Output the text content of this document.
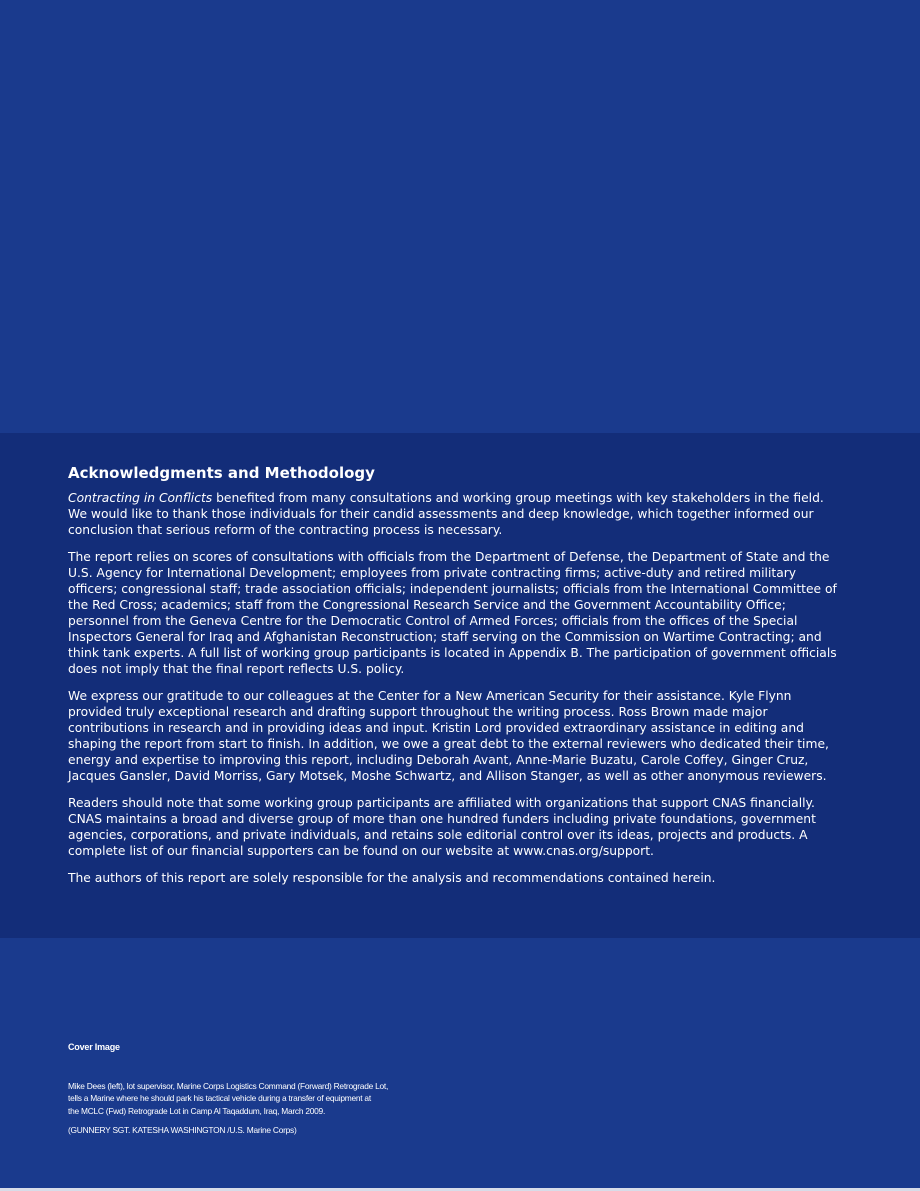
Acknowledgments and Methodology

Contracting in Conflicts benefited from many consultations and working group meetings with key stakeholders in the field. We would like to thank those individuals for their candid assessments and deep knowledge, which together informed our conclusion that serious reform of the contracting process is necessary.

The report relies on scores of consultations with officials from the Department of Defense, the Department of State and the U.S. Agency for International Development; employees from private contracting firms; active-duty and retired military officers; congressional staff; trade association officials; independent journalists; officials from the International Committee of the Red Cross; academics; staff from the Congressional Research Service and the Government Accountability Office; personnel from the Geneva Centre for the Democratic Control of Armed Forces; officials from the offices of the Special Inspectors General for Iraq and Afghanistan Reconstruction; staff serving on the Commission on Wartime Contracting; and think tank experts. A full list of working group participants is located in Appendix B. The participation of government officials does not imply that the final report reflects U.S. policy.

We express our gratitude to our colleagues at the Center for a New American Security for their assistance. Kyle Flynn provided truly exceptional research and drafting support throughout the writing process. Ross Brown made major contributions in research and in providing ideas and input. Kristin Lord provided extraordinary assistance in editing and shaping the report from start to finish. In addition, we owe a great debt to the external reviewers who dedicated their time, energy and expertise to improving this report, including Deborah Avant, Anne-Marie Buzatu, Carole Coffey, Ginger Cruz, Jacques Gansler, David Morriss, Gary Motsek, Moshe Schwartz, and Allison Stanger, as well as other anonymous reviewers.

Readers should note that some working group participants are affiliated with organizations that support CNAS financially. CNAS maintains a broad and diverse group of more than one hundred funders including private foundations, government agencies, corporations, and private individuals, and retains sole editorial control over its ideas, projects and products. A complete list of our financial supporters can be found on our website at www.cnas.org/support.

The authors of this report are solely responsible for the analysis and recommendations contained herein.

Cover Image
Mike Dees (left), lot supervisor, Marine Corps Logistics Command (Forward) Retrograde Lot,
tells a Marine where he should park his tactical vehicle during a transfer of equipment at
the MCLC (Fwd) Retrograde Lot in Camp Al Taqaddum, Iraq, March 2009.
(GUNNERY SGT. KATESHA WASHINGTON /U.S. Marine Corps)
